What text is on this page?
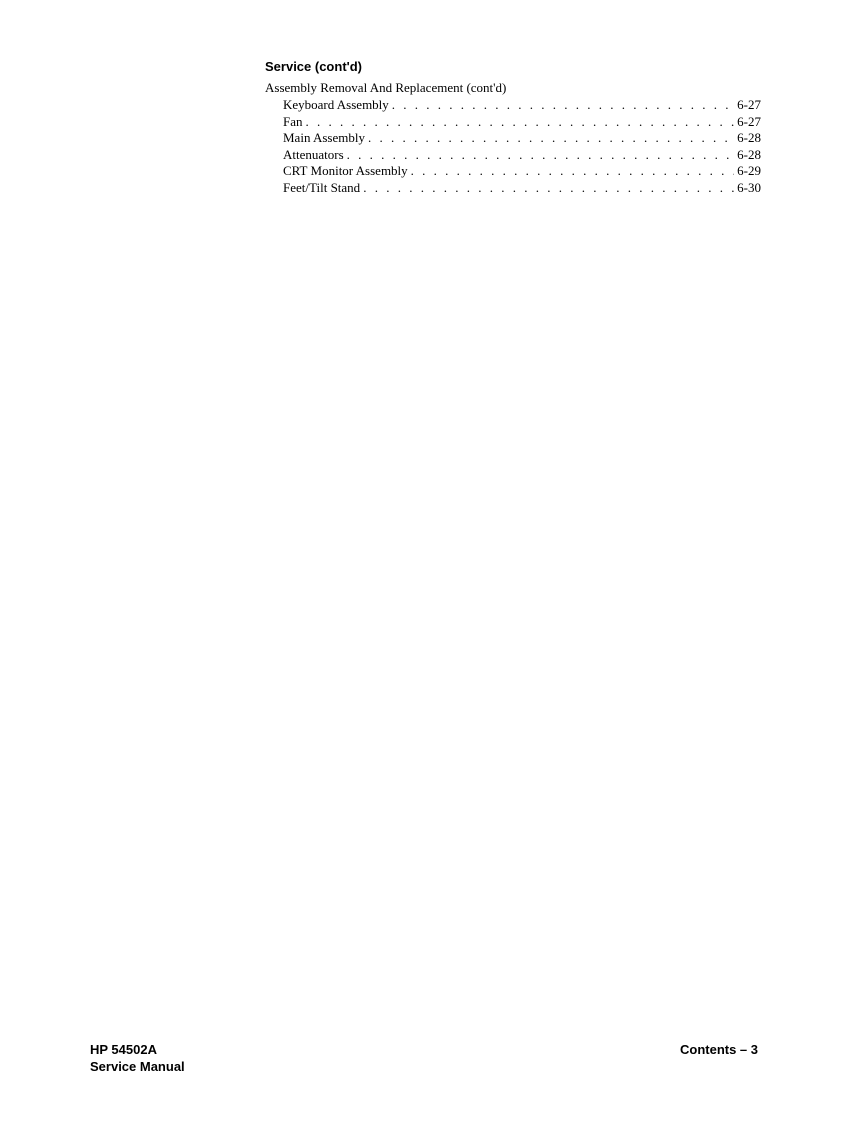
Service (cont'd)
Assembly Removal And Replacement (cont'd)
Keyboard Assembly . . .	6-27
Fan . . .	6-27
Main Assembly . . .	6-28
Attenuators . . .	6-28
CRT Monitor Assembly . . .	6-29
Feet/Tilt Stand . . .	6-30
HP 54502A
Service Manual
Contents – 3
